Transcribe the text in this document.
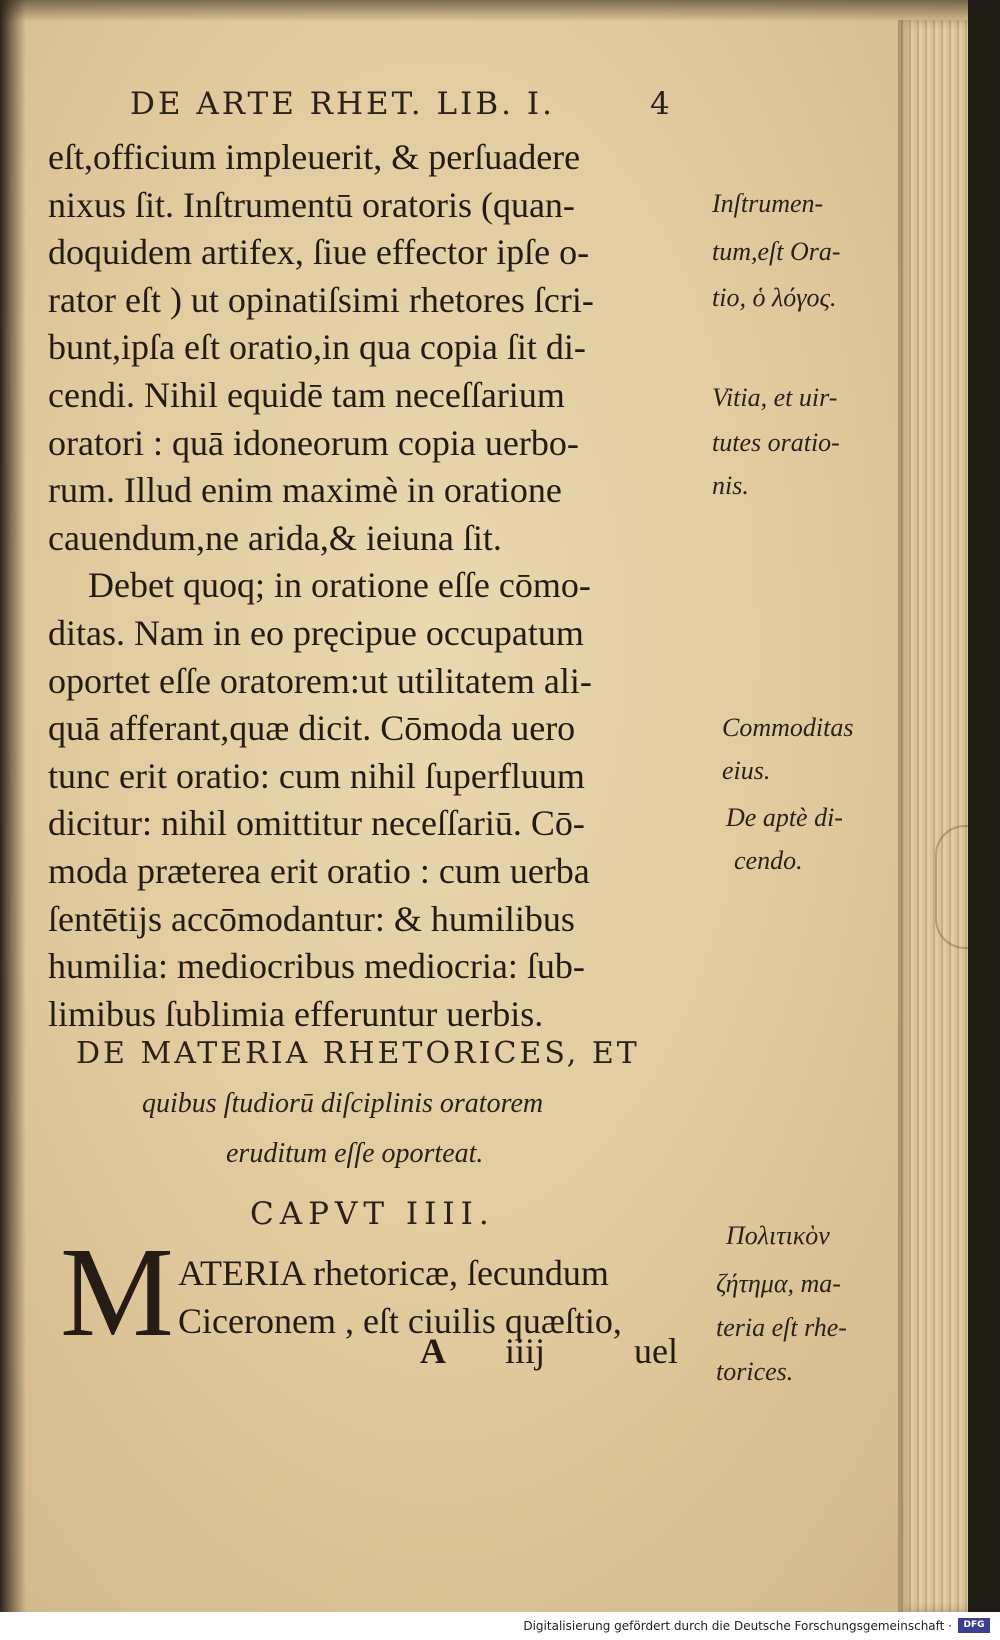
DE ARTE RHET. LIB. I.	4
eſt,officium impleuerit, & perſuadere
nixus ſit. Inſtrumentū oratoris (quan-
doquidem artifex, ſiue effector ipſe o-
rator eſt ) ut opinatiſsimi rhetores ſcri-
bunt,ipſa eſt oratio,in qua copia ſit di-
cendi. Nihil equidē tam neceſſarium
oratori : quā idoneorum copia uerbo-
rum. Illud enim maximè in oratione
cauendum,ne arida,& ieiuna ſit.
Debet quoq; in oratione eſſe cōmo-
ditas. Nam in eo pręcipue occupatum
oportet eſſe oratorem:ut utilitatem ali-
quā afferant,quæ dicit. Cōmoda uero
tunc erit oratio: cum nihil ſuperfluum
dicitur: nihil omittitur neceſſariū. Cō-
moda præterea erit oratio : cum uerba
ſentētijs accōmodantur: & humilibus
humilia: mediocribus mediocria: ſub-
limibus ſublimia efferuntur uerbis.
Inſtrumen-
tum,eſt Ora-
tio, ὁ λόγος.
Vitia, et uir-
tutes oratio-
nis.
Commoditas
eius.
De aptè di-
cendo.
Πολιτικὸν
ζήτημα, ma-
teria eſt rhe-
torices.
DE MATERIA RHETORICES, ET
quibus ſtudiorū diſciplinis oratorem
eruditum eſſe oporteat.
CAPVT IIII.
M ATERIA rhetoricæ, ſecundum
Ciceronem , eſt ciuilis quæſtio,
A iiij uel
Digitalisierung gefördert durch die Deutsche Forschungsgemeinschaft ·	DFG
